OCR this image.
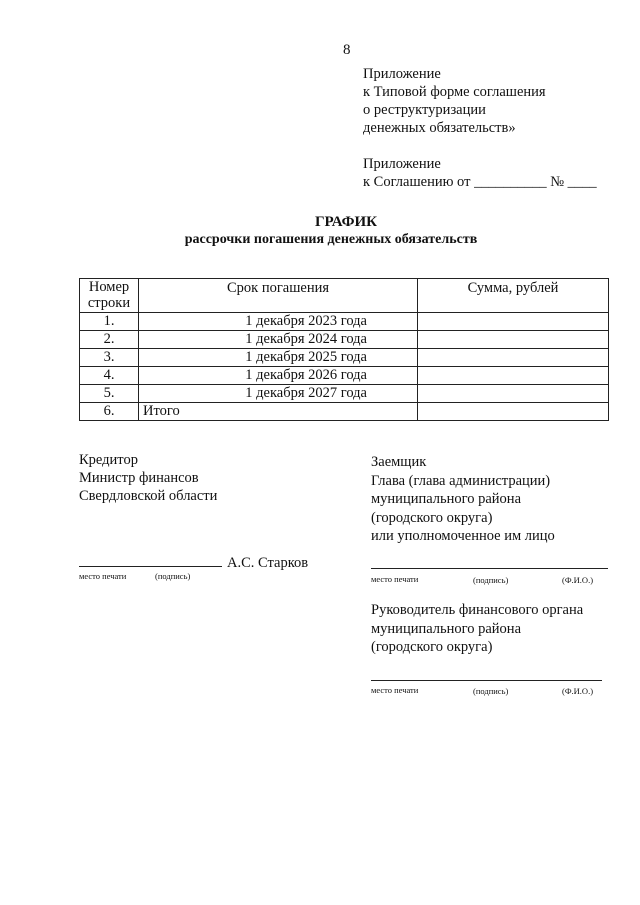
8

Приложение

к Типовой форме соглашения

о реструктуризации

денежных обязательств»

Приложение

к Соглашению от __________ № ____

ГРАФИК
рассрочки погашения денежных обязательств
Номер строки	Срок погашения	Сумма, рублей
1.	1 декабря 2023 года	
2.	1 декабря 2024 года	
3.	1 декабря 2025 года	
4.	1 декабря 2026 года	
5.	1 декабря 2027 года	
6.	Итого	

Кредитор

Министр финансов

Свердловской области

А.С. Старков
место печати	(подпись)

Заемщик

Глава (глава администрации)

муниципального района

(городского округа)

или уполномоченное им лицо

место печати	(подпись)	(Ф.И.О.)

Руководитель финансового органа

муниципального района

(городского округа)

место печати	(подпись)	(Ф.И.О.)
